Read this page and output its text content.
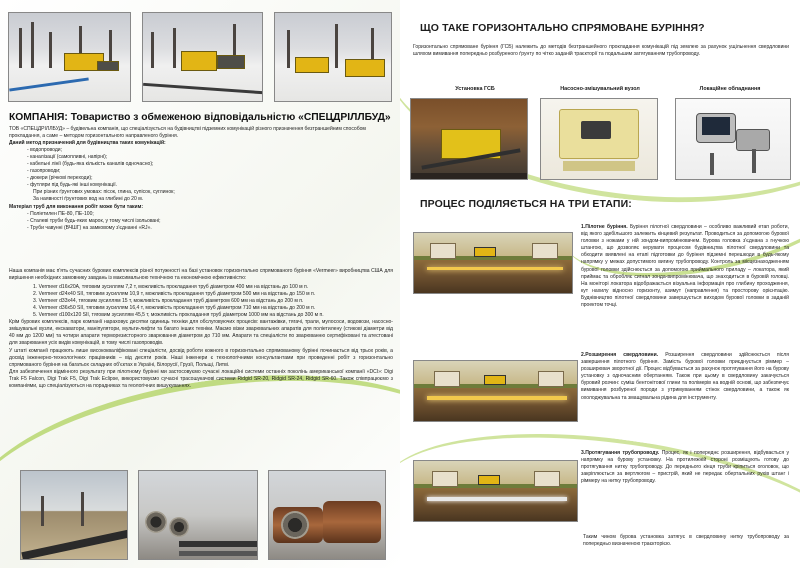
КОМПАНІЯ: Товариство з обмеженою відповідальністю «СПЕЦДРІЛЛБУД»

ТОВ «СПЕЦДРІЛЛБУД» – будівельна компанія, що спеціалізується на будівництві підземних комунікацій різного призначення безтраншейним способом прокладання, а саме – методом горизонтального направленого буріння.

Даний метод призначений для будівництва таких комунікацій:

- водопроводи;

- каналізації (самопливні, напірні);

- кабельні лінії (будь-яка кількість каналів одночасно);

- газопроводи;

- дюкери (річкові переходи);

- футляри під будь-які інші комунікації.

При різних ґрунтових умовах: пісок, глина, супісок, суглинок;

За наявності ґрунтових вод на глибині до 20 м.

Матеріал труб для виконання робіт може бути таким:

- Поліетилен ПЕ-80, ПЕ-100;

- Сталеві труби будь-яких марок, у тому числі ізольовані;

- Труби чавунні (ВЧШГ) на замковому з'єднанні «RJ».

Наша компанія має п'ять сучасних бурових комплексів різної потужності на базі установок горизонтально спрямованого буріння «Vermeer» виробництва США для вирішення необхідних замовнику завдань із максимальною технічною та економічною ефективністю:

1. Vermeer d16x20A, тяговим зусиллям 7,2 т, можливість прокладання труб діаметром 400 мм на відстань до 100 м п.

2. Vermeer d24x40 SII, тяговим зусиллям 10,9 т, можливість прокладання труб діаметром 500 мм на відстань до 150 м п.

3. Vermeer d33x44, тяговим зусиллям 15 т, можливість прокладання труб діаметром 600 мм на відстань до 200 м п.

4. Vermeer d36x50 SII, тяговим зусиллям 16,4 т, можливість прокладання труб діаметром 710 мм на відстань до 200 м п.

5. Vermeer d100x120 SII, тяговим зусиллям 45,5 т, можливість прокладання труб діаметром 1000 мм на відстань до 300 м п.

Крім бурових комплексів, парк компанії нараховує десятки одиниць техніки для обслуговуючих процесів: вантажівки, тягачі, трали, мулососи, водовози, насосно-змішувальні вузли, екскаватори, маніпулятори, мульти-лифти та багато інших техніки. Маємо візки зварювальних апаратів для поліетилену (стикові діаметри від 40 мм до 1200 мм) та чотири апарати терморезисторного зварювання діаметром до 710 мм. Апарати та спеціалісти по зварюванню сертифіковані та атестовані для зварювання усіх видів комунікацій, в тому числі газопроводів.

У штаті компанії працюють лише висококваліфіковані спеціалісти, досвід роботи кожного в горизонтально спрямованому бурінні починається від трьох років, а досвід інженерно-технологічних працівників – від десяти років. Наші інженери є технологічними консультантами при проведенні робіт з горизонтально спрямованого буріння на багатьох складних об'єктах в Україні, Білорусії, Грузії, Польщі, Литві.

Для забезпечення відмінного результату при пілотному бурінні ми застосовуємо сучасні локаційні системи останніх поколінь американської компанії «DCI»: Digi Trak F5 Falcon, Digi Trak F5, Digi Trak Eclipse, використовуємо сучасні трасошукачові системи Ridgid SR-20, Ridgid SR-24, Ridgid SR-60. Також співпрацюємо з компаніями, що спеціалізуються на порадниках та геологічних вишукуваннях.

ЩО ТАКЕ ГОРИЗОНТАЛЬНО СПРЯМОВАНЕ БУРІННЯ?
Горизонтально спрямоване буріння (ГСБ) належить до методів безтраншейного прокладання комунікацій під землею за рахунок ущільнення свердловини шляхом вимивання попередньо розбуреного ґрунту по чітко заданій траєкторії та подальшим затягуванням трубопроводу.
Установка ГСБ	Насосно-змішувальний вузол	Локаційне обладнання
ПРОЦЕС ПОДІЛЯЄТЬСЯ НА ТРИ ЕТАПИ:
1.Пілотне буріння. Буріння пілотної свердловини – особливо важливий етап роботи, від якого здебільшого залежить кінцевий результат. Проводиться за допомогою бурової головки з ножами у ній зондом-випромінювачем. Бурова головка з'єднана з гнучкою штангою, що дозволяє керувати процесом будівництва пілотної свердловини та обходити виявлені на етапі підготовки до буріння підземні перешкоди в будь-якому напрямку у межах допустимого вигину трубопроводу. Контроль за місцезнаходженням бурової головки здійснюється за допомогою приймального приладу – локатора, який приймає та обробляє сигнал зонда-випромінювача, що знаходиться в буровій головці. На моніторі локатора відображається візуальна інформація про глибину проходження, кут нахилу відносно горизонту, азимут (направлення) та просторову орієнтацію. Буднівництво пілотної свердловини завершується виходом бурової головки в заданій проектом точці.
2.Розширення свердловини. Розширення свердловини здійснюється після завершення пілотного буріння. Замість бурової головки приєднується ріммер – розширювач зворотної дії. Процес відбувається за рахунок протягування його на бурову установку з одночасним обертанням. Також при цьому в свердловину закачується буровий розчин: суміш бентонітової глини та полімерів на водній основі, що забезпечує вимивання розбуреної породи з утримуванням стінок свердловини, а також як охолоджувальна та змащувальна рідина для інструменту.
3.Протягування трубопроводу. Процес, як і попереднє розширення, відбувається у напрямку на бурову установку. На протилежній стороні розміщують готову до протягування нитку трубопроводу. До переднього кінця труби кріпиться оголовок, що закріплюється за вертлюгом – пристрій, який не передає обертальних рухів штанг і ріммеру на нитку трубопроводу.
Таким чином бурова установка затягує в свердловину нитку трубопроводу за попередньо визначеною траєкторією.
